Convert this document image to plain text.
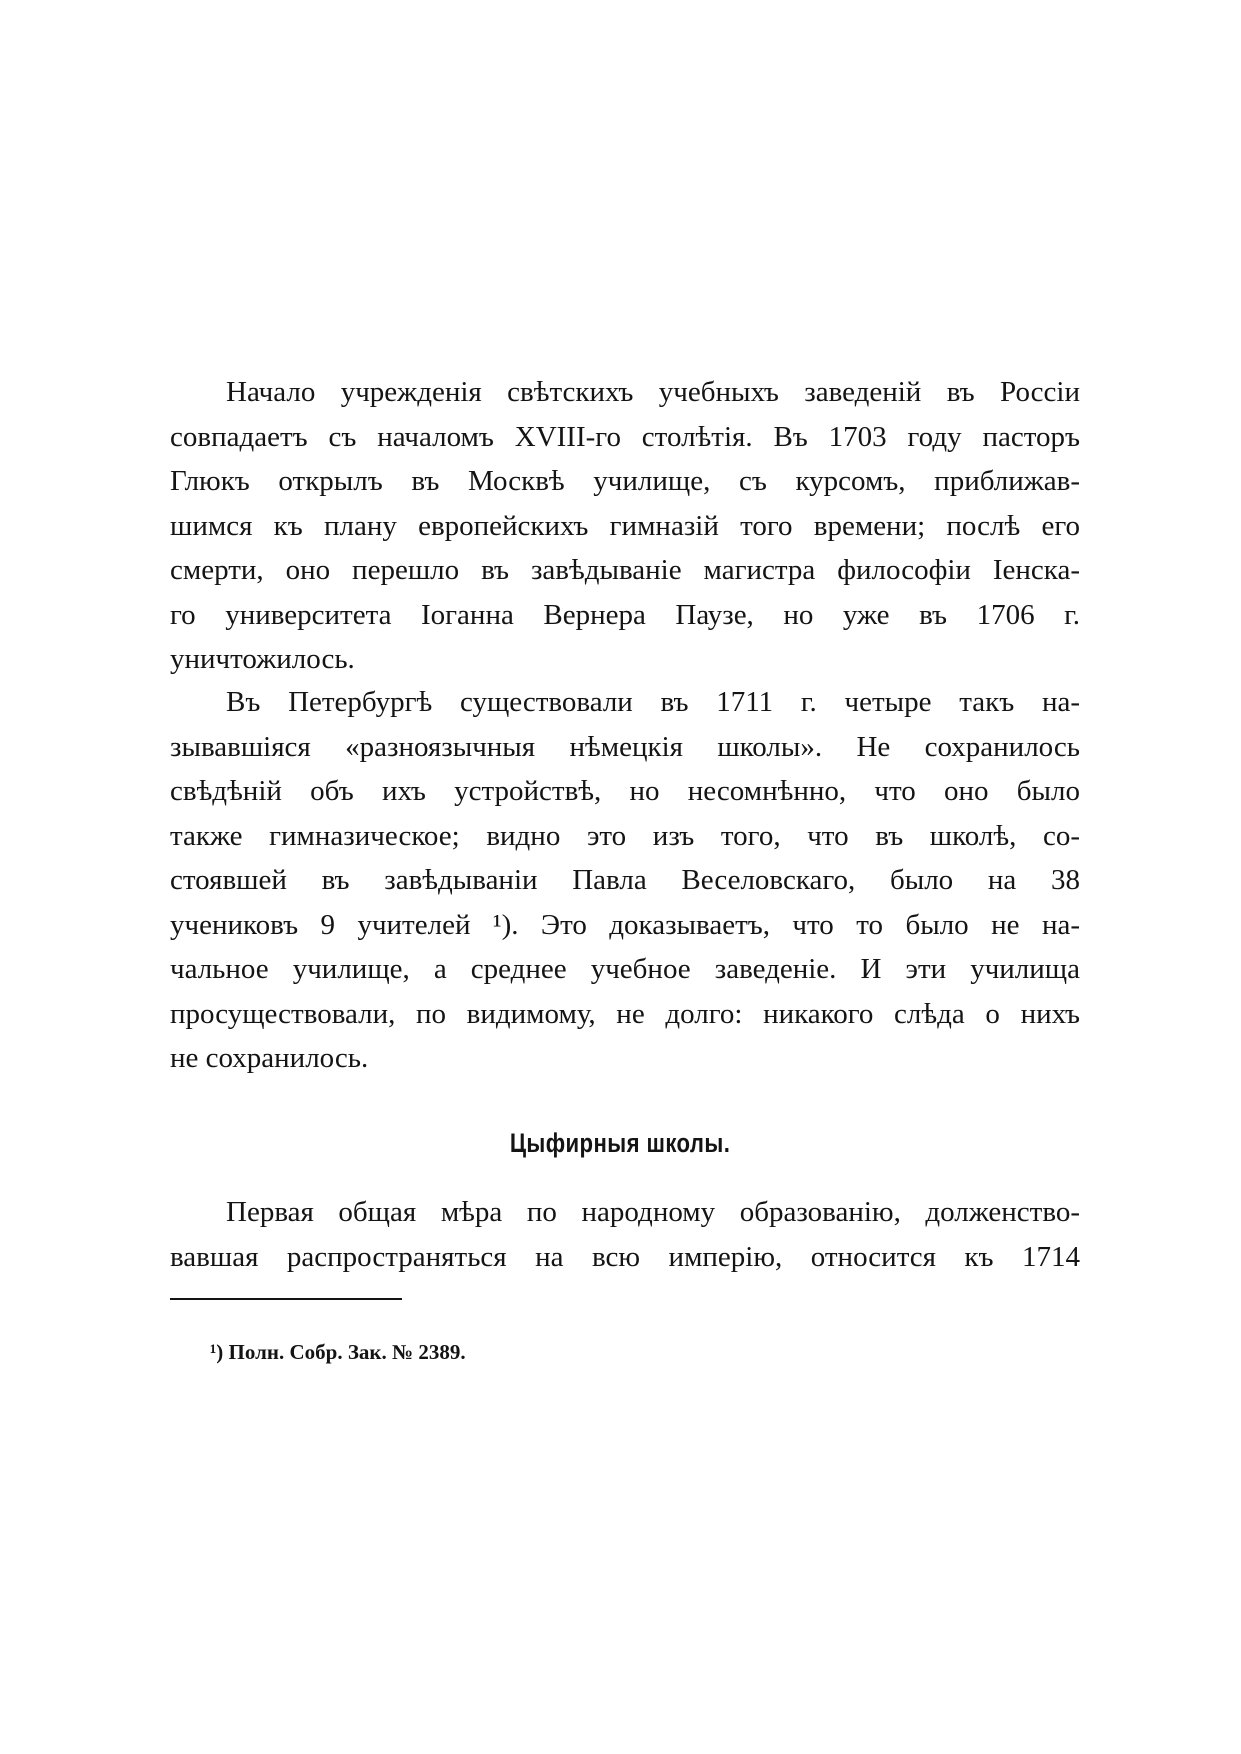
Начало учрежденія свѣтскихъ учебныхъ заведеній въ Россіи
совпадаетъ съ началомъ XVIII-го столѣтія. Въ 1703 году пасторъ
Глюкъ открылъ въ Москвѣ училище, съ курсомъ, приближав-
шимся къ плану европейскихъ гимназій того времени; послѣ его
смерти, оно перешло въ завѣдываніе магистра философіи Іенска-
го университета Іоганна Вернера Паузе, но уже въ 1706 г.
уничтожилось.
Въ Петербургѣ существовали въ 1711 г. четыре такъ на-
зывавшіяся «разноязычныя нѣмецкія школы». Не сохранилось
свѣдѣній объ ихъ устройствѣ, но несомнѣнно, что оно было
также гимназическое; видно это изъ того, что въ школѣ, со-
стоявшей въ завѣдываніи Павла Веселовскаго, было на 38
учениковъ 9 учителей ¹). Это доказываетъ, что то было не на-
чальное училище, а среднее учебное заведеніе. И эти училища
просуществовали, по видимому, не долго: никакого слѣда о нихъ
не сохранилось.
Цыфирныя школы.
Первая общая мѣра по народному образованію, долженство-
вавшая распространяться на всю имперію, относится къ 1714
¹) Полн. Собр. Зак. № 2389.
